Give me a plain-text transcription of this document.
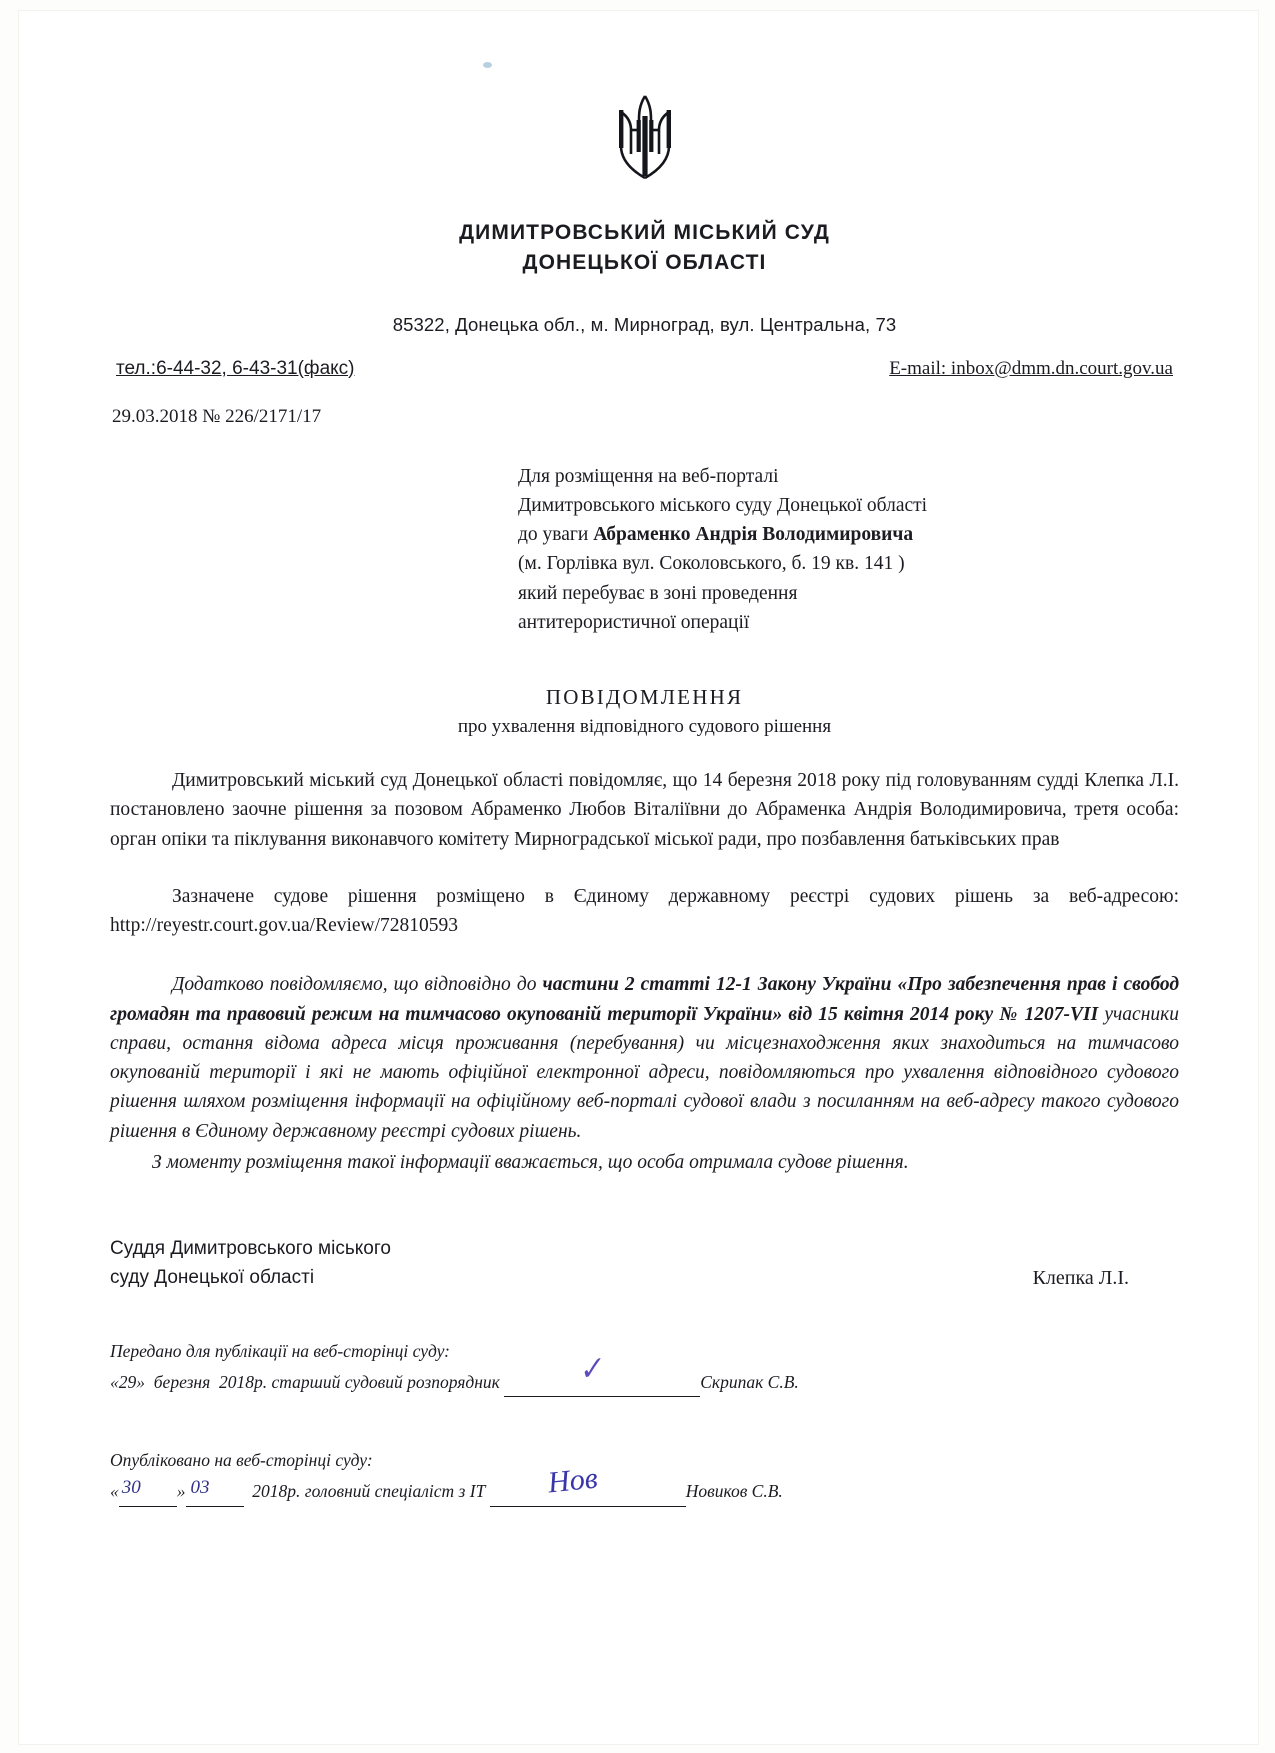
ДИМИТРОВСЬКИЙ МІСЬКИЙ СУД
ДОНЕЦЬКОЇ ОБЛАСТІ
85322, Донецька обл., м. Мирноград, вул. Центральна, 73
тел.:6-44-32, 6-43-31(факс)	E-mail: inbox@dmm.dn.court.gov.ua
29.03.2018 № 226/2171/17
Для розміщення на веб-порталі
Димитровського міського суду Донецької області
до уваги Абраменко Андрія Володимировича
(м. Горлівка вул. Соколовського, б. 19 кв. 141 )
який перебуває в зоні проведення
антитерористичної операції
ПОВІДОМЛЕННЯ
про ухвалення відповідного судового рішення
Димитровський міський суд Донецької області повідомляє, що 14 березня 2018 року під головуванням судді Клепка Л.І. постановлено заочне рішення за позовом Абраменко Любов Віталіївни до Абраменка Андрія Володимировича, третя особа: орган опіки та піклування виконавчого комітету Мирноградської міської ради, про позбавлення батьківських прав
Зазначене судове рішення розміщено в Єдиному державному реєстрі судових рішень за веб-адресою: http://reyestr.court.gov.ua/Review/72810593
Додатково повідомляємо, що відповідно до частини 2 статті 12-1 Закону України «Про забезпечення прав і свобод громадян та правовий режим на тимчасово окупованій території України» від 15 квітня 2014 року № 1207-VII учасники справи, остання відома адреса місця проживання (перебування) чи місцезнаходження яких знаходиться на тимчасово окупованій території і які не мають офіційної електронної адреси, повідомляються про ухвалення відповідного судового рішення шляхом розміщення інформації на офіційному веб-порталі судової влади з посиланням на веб-адресу такого судового рішення в Єдиному державному реєстрі судових рішень.
З моменту розміщення такої інформації вважається, що особа отримала судове рішення.
Суддя Димитровського міського
суду Донецької області	Клепка Л.І.
Передано для публікації на веб-сторінці суду:
«29»  березня  2018р. старший судовий розпорядник

✓

	Скрипак С.В.
Опубліковано на веб-сторінці суду:
«

30

»

03

2018р. головний спеціаліст з ІТ

Нов

	Новиков С.В.
